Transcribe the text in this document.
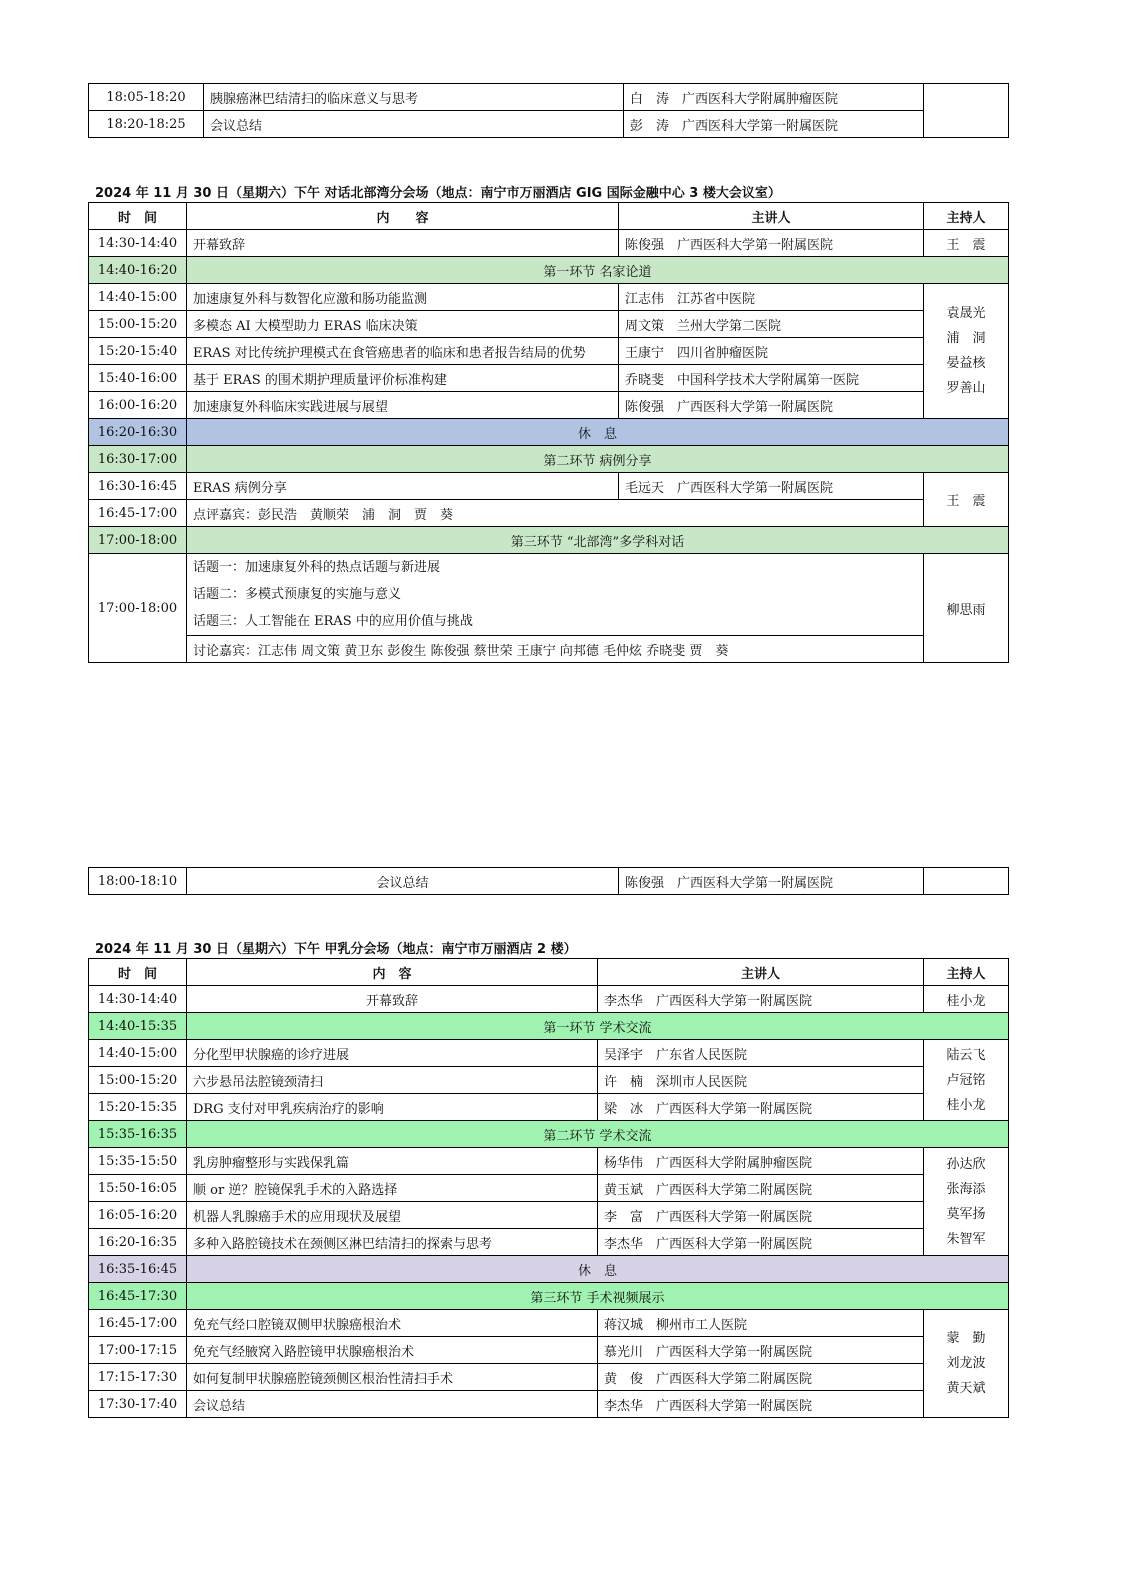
18:05-18:20	胰腺癌淋巴结清扫的临床意义与思考	白　涛 广西医科大学附属肿瘤医院	
18:20-18:25	会议总结	彭　涛 广西医科大学第一附属医院	
2024 年 11 月 30 日（星期六）下午 对话北部湾分会场（地点：南宁市万丽酒店 GIG 国际金融中心 3 楼大会议室）
时　间	内　　容	主讲人	主持人
14:30-14:40	开幕致辞	陈俊强 广西医科大学第一附属医院	王　震
14:40-16:20	第一环节 名家论道		
14:40-15:00	加速康复外科与数智化应激和肠功能监测	江志伟 江苏省中医院	袁晟光
浦　洞
晏益核
罗善山

15:00-15:20	多模态 AI 大模型助力 ERAS 临床决策	周文策 兰州大学第二医院	
15:20-15:40	ERAS 对比传统护理模式在食管癌患者的临床和患者报告结局的优势	王康宁 四川省肿瘤医院	
15:40-16:00	基于 ERAS 的围术期护理质量评价标准构建	乔晓斐 中国科学技术大学附属第一医院	
16:00-16:20	加速康复外科临床实践进展与展望	陈俊强 广西医科大学第一附属医院	
16:20-16:30	休　息		
16:30-17:00	第二环节 病例分享		
16:30-16:45	ERAS 病例分享	毛远天 广西医科大学第一附属医院	王　震
16:45-17:00	点评嘉宾：彭民浩　黄顺荣　浦　洞　贾　葵		
17:00-18:00	第三环节 “北部湾”多学科对话		
17:00-18:00	话题一：加速康复外科的热点话题与新进展
话题二：多模式预康复的实施与意义
话题三：人工智能在 ERAS 中的应用价值与挑战		柳思雨
	讨论嘉宾：江志伟 周文策 黄卫东 彭俊生 陈俊强 蔡世荣 王康宁 向邦德 毛仲炫 乔晓斐 贾　葵		
18:00-18:10	会议总结	陈俊强 广西医科大学第一附属医院	
2024 年 11 月 30 日（星期六）下午 甲乳分会场（地点：南宁市万丽酒店 2 楼）
时　间	内　容	主讲人	主持人
14:30-14:40	开幕致辞	李杰华 广西医科大学第一附属医院	桂小龙
14:40-15:35	第一环节 学术交流		
14:40-15:00	分化型甲状腺癌的诊疗进展	吴泽宇 广东省人民医院	陆云飞
卢冠铭
桂小龙

15:00-15:20	六步悬吊法腔镜颈清扫	许　楠 深圳市人民医院	
15:20-15:35	DRG 支付对甲乳疾病治疗的影响	梁　冰 广西医科大学第一附属医院	
15:35-16:35	第二环节 学术交流		
15:35-15:50	乳房肿瘤整形与实践保乳篇	杨华伟 广西医科大学附属肿瘤医院	孙达欣
张海添
莫军扬
朱智军

15:50-16:05	顺 or 逆？腔镜保乳手术的入路选择	黄玉斌 广西医科大学第二附属医院	
16:05-16:20	机器人乳腺癌手术的应用现状及展望	李　富 广西医科大学第一附属医院	
16:20-16:35	多种入路腔镜技术在颈侧区淋巴结清扫的探索与思考	李杰华 广西医科大学第一附属医院	
16:35-16:45	休　息		
16:45-17:30	第三环节 手术视频展示		
16:45-17:00	免充气经口腔镜双侧甲状腺癌根治术	蒋汉城 柳州市工人医院	蒙　勤
刘龙波
黄天斌

17:00-17:15	免充气经腋窝入路腔镜甲状腺癌根治术	慕光川 广西医科大学第一附属医院	
17:15-17:30	如何复制甲状腺癌腔镜颈侧区根治性清扫手术	黄　俊 广西医科大学第二附属医院	
17:30-17:40	会议总结	李杰华 广西医科大学第一附属医院	
